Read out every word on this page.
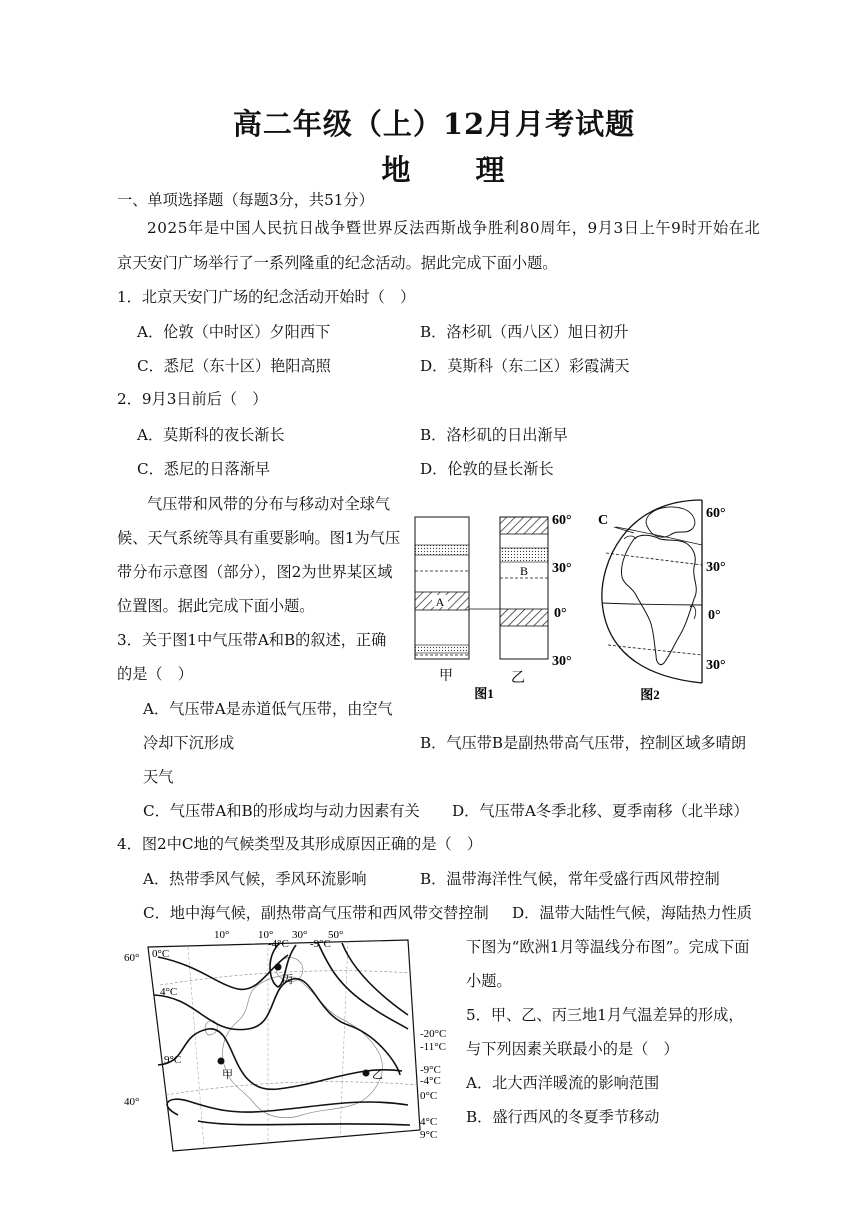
高二年级（上）12月月考试题
地　理
一、单项选择题（每题3分，共51分）
2025年是中国人民抗日战争暨世界反法西斯战争胜利80周年，9月3日上午9时开始在北
京天安门广场举行了一系列隆重的纪念活动。据此完成下面小题。
1．北京天安门广场的纪念活动开始时（　）
A．伦敦（中时区）夕阳西下	B．洛杉矶（西八区）旭日初升
C．悉尼（东十区）艳阳高照	D．莫斯科（东二区）彩霞满天
2．9月3日前后（　）
A．莫斯科的夜长渐长	B．洛杉矶的日出渐早
C．悉尼的日落渐早	D．伦敦的昼长渐长
气压带和风带的分布与移动对全球气
候、天气系统等具有重要影响。图1为气压
带分布示意图（部分），图2为世界某区域
位置图。据此完成下面小题。
3．关于图1中气压带A和B的叙述，正确
的是（　）
A．气压带A是赤道低气压带，由空气
冷却下沉形成	B．气压带B是副热带高气压带，控制区域多晴朗
天气
C．气压带A和B的形成均与动力因素有关 D．气压带A冬季北移、夏季南移（北半球）
4．图2中C地的气候类型及其形成原因正确的是（　）
A．热带季风气候，季风环流影响	B．温带海洋性气候，常年受盛行西风带控制
C．地中海气候，副热带高气压带和西风带交替控制 D．温带大陆性气候，海陆热力性质
下图为“欧洲1月等温线分布图”。完成下面
小题。
5．甲、乙、丙三地1月气温差异的形成，
与下列因素关联最小的是（　）
A．北大西洋暖流的影响范围
B．盛行西风的冬夏季节移动
A
B
60°
30°
0°
30°
甲	乙
图1
C	60°
30°
0°
30°
图2
10°	10° 30° 50°
0°C
4°C
9°C
-4°C -9°C
-20°C
-11°C
-9°C
-4°C
0°C
4°C
9°C
60°
40°
丙
甲	乙
